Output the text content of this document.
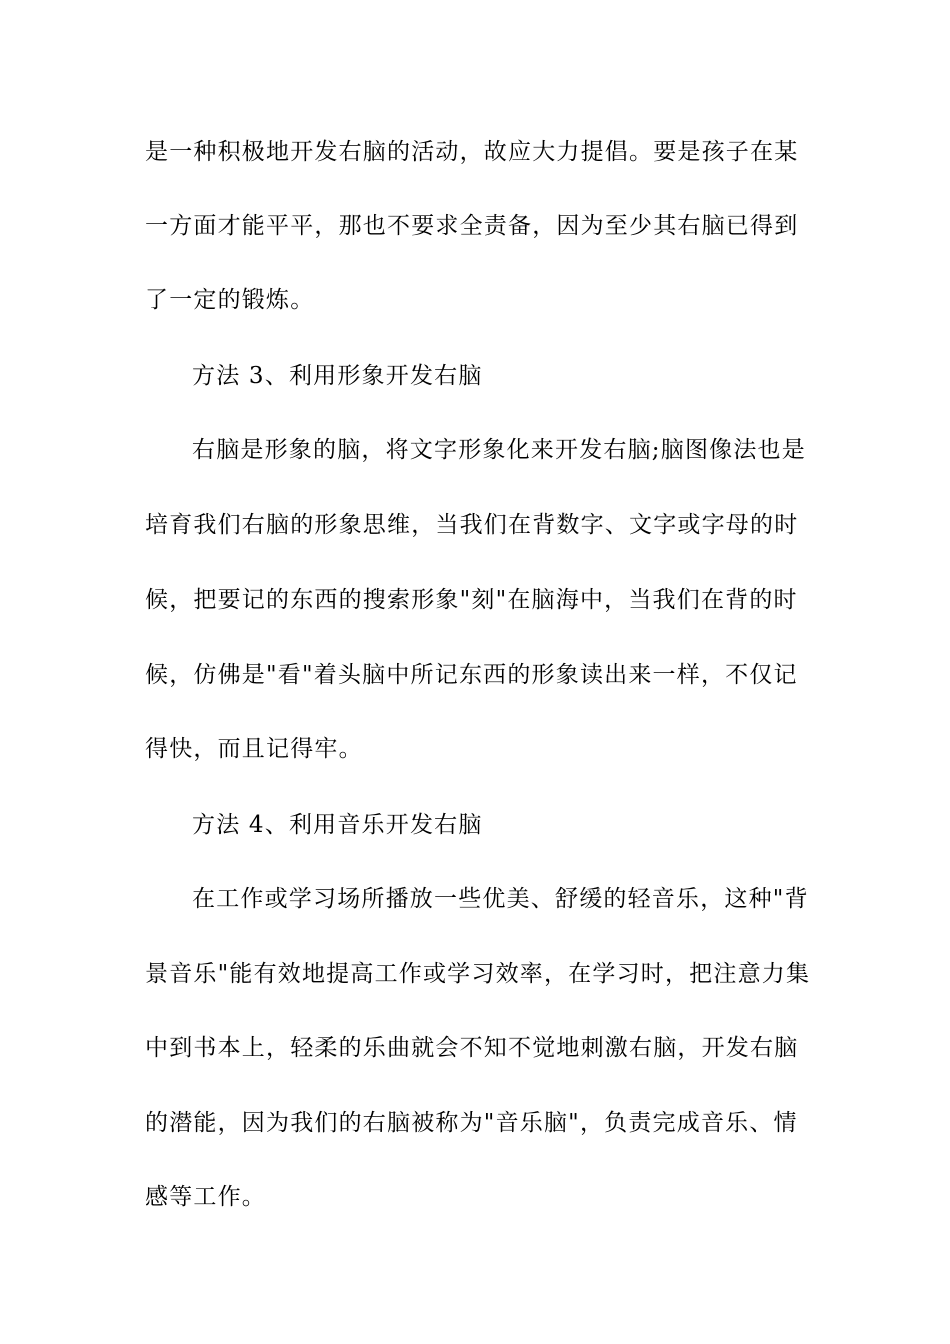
是一种积极地开发右脑的活动，故应大力提倡。要是孩子在某
一方面才能平平，那也不要求全责备，因为至少其右脑已得到
了一定的锻炼。
方法 3、利用形象开发右脑
右脑是形象的脑，将文字形象化来开发右脑;脑图像法也是
培育我们右脑的形象思维，当我们在背数字、文字或字母的时
候，把要记的东西的搜索形象"刻"在脑海中，当我们在背的时
候，仿佛是"看"着头脑中所记东西的形象读出来一样，不仅记
得快，而且记得牢。
方法 4、利用音乐开发右脑
在工作或学习场所播放一些优美、舒缓的轻音乐，这种"背
景音乐"能有效地提高工作或学习效率，在学习时，把注意力集
中到书本上，轻柔的乐曲就会不知不觉地刺激右脑，开发右脑
的潜能，因为我们的右脑被称为"音乐脑"，负责完成音乐、情
感等工作。
